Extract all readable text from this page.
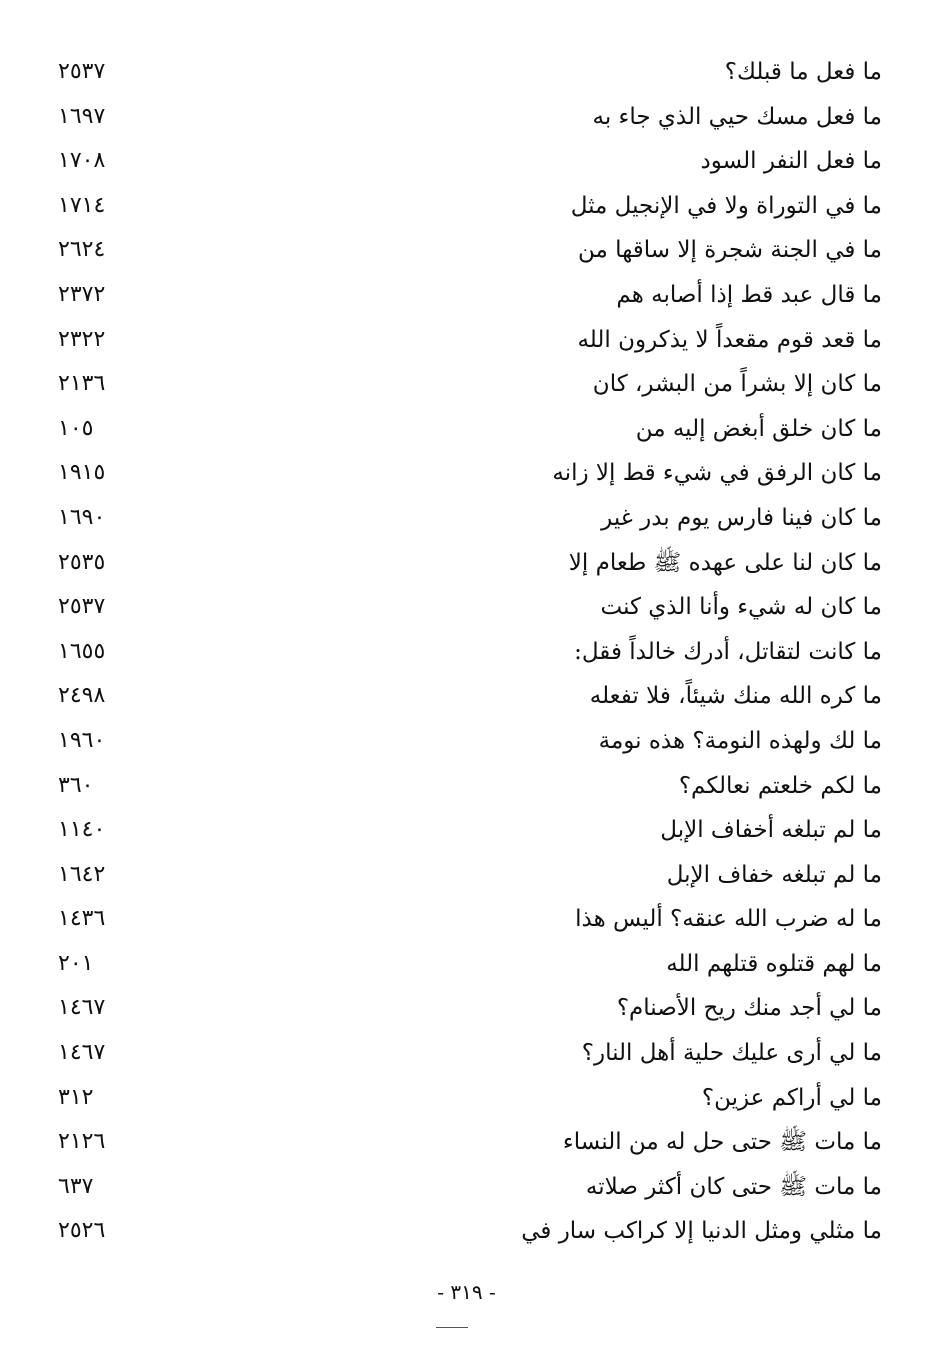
ما فعل ما قبلك؟
٢٥٣٧
ما فعل مسك حيي الذي جاء به
١٦٩٧
ما فعل النفر السود
١٧٠٨
ما في التوراة ولا في الإنجيل مثل
١٧١٤
ما في الجنة شجرة إلا ساقها من
٢٦٢٤
ما قال عبد قط إذا أصابه هم
٢٣٧٢
ما قعد قوم مقعداً لا يذكرون الله
٢٣٢٢
ما كان إلا بشراً من البشر، كان
٢١٣٦
ما كان خلق أبغض إليه من
١٠٥
ما كان الرفق في شيء قط إلا زانه
١٩١٥
ما كان فينا فارس يوم بدر غير
١٦٩٠
ما كان لنا على عهده ﷺ طعام إلا
٢٥٣٥
ما كان له شيء وأنا الذي كنت
٢٥٣٧
ما كانت لتقاتل، أدرك خالداً فقل:
١٦٥٥
ما كره الله منك شيئاً، فلا تفعله
٢٤٩٨
ما لك ولهذه النومة؟ هذه نومة
١٩٦٠
ما لكم خلعتم نعالكم؟
٣٦٠
ما لم تبلغه أخفاف الإبل
١١٤٠
ما لم تبلغه خفاف الإبل
١٦٤٢
ما له ضرب الله عنقه؟ أليس هذا
١٤٣٦
ما لهم قتلوه قتلهم الله
٢٠١
ما لي أجد منك ريح الأصنام؟
١٤٦٧
ما لي أرى عليك حلية أهل النار؟
١٤٦٧
ما لي أراكم عزين؟
٣١٢
ما مات ﷺ حتى حل له من النساء
٢١٢٦
ما مات ﷺ حتى كان أكثر صلاته
٦٣٧
ما مثلي ومثل الدنيا إلا كراكب سار في
٢٥٢٦
- ٣١٩ -
